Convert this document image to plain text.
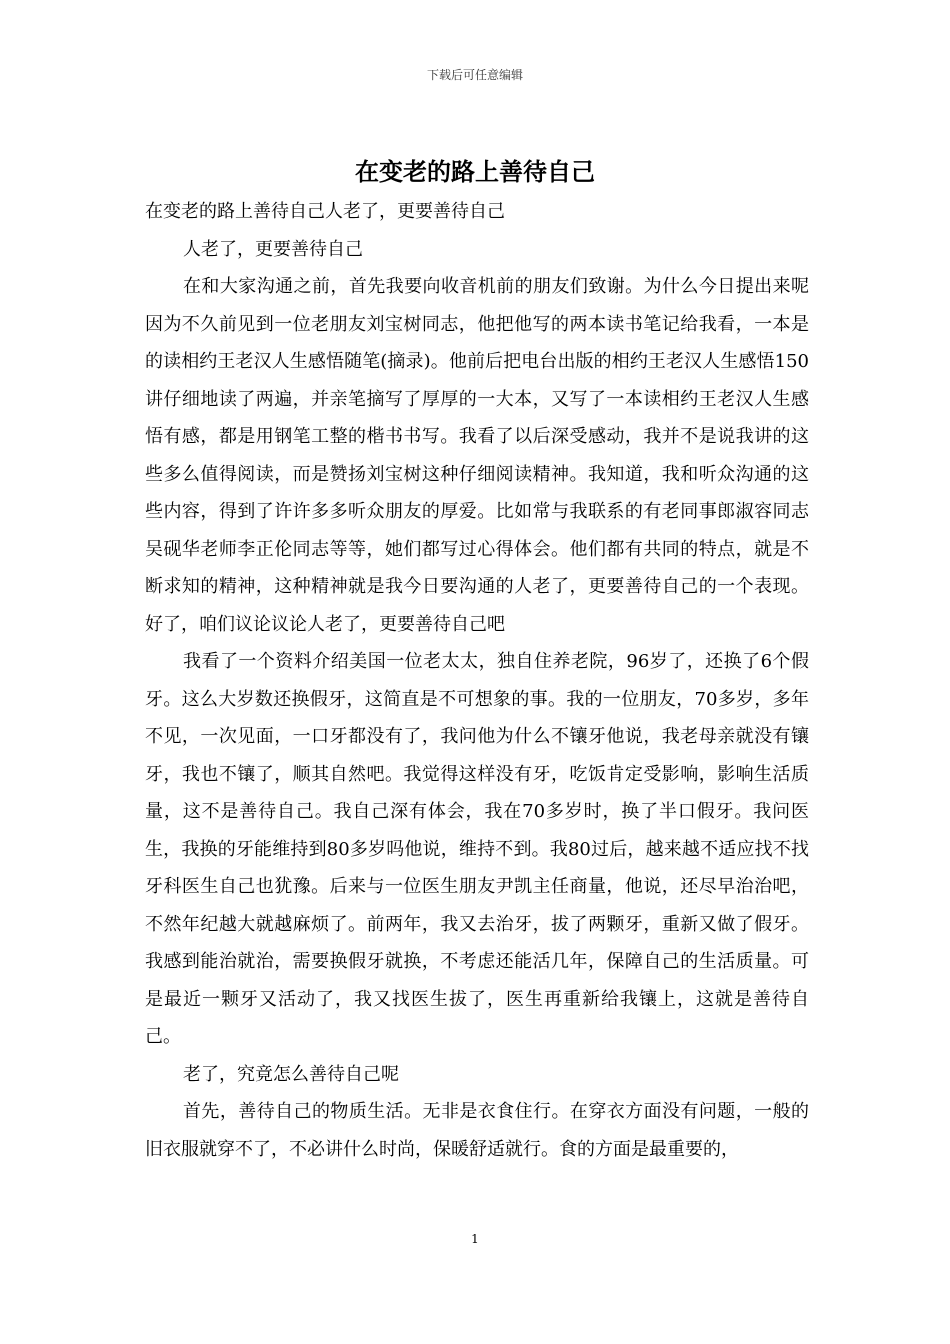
下载后可任意编辑
在变老的路上善待自己

在变老的路上善待自己人老了，更要善待自己

人老了，更要善待自己

在和大家沟通之前，首先我要向收音机前的朋友们致谢。为什么今日提出来呢因为不久前见到一位老朋友刘宝树同志，他把他写的两本读书笔记给我看，一本是的读相约王老汉人生感悟随笔(摘录)。他前后把电台出版的相约王老汉人生感悟150讲仔细地读了两遍，并亲笔摘写了厚厚的一大本，又写了一本读相约王老汉人生感悟有感，都是用钢笔工整的楷书书写。我看了以后深受感动，我并不是说我讲的这些多么值得阅读，而是赞扬刘宝树这种仔细阅读精神。我知道，我和听众沟通的这些内容，得到了许许多多听众朋友的厚爱。比如常与我联系的有老同事郎淑容同志吴砚华老师李正伦同志等等，她们都写过心得体会。他们都有共同的特点，就是不断求知的精神，这种精神就是我今日要沟通的人老了，更要善待自己的一个表现。好了，咱们议论议论人老了，更要善待自己吧

我看了一个资料介绍美国一位老太太，独自住养老院，96岁了，还换了6个假牙。这么大岁数还换假牙，这简直是不可想象的事。我的一位朋友，70多岁，多年不见，一次见面，一口牙都没有了，我问他为什么不镶牙他说，我老母亲就没有镶牙，我也不镶了，顺其自然吧。我觉得这样没有牙，吃饭肯定受影响，影响生活质量，这不是善待自己。我自己深有体会，我在70多岁时，换了半口假牙。我问医生，我换的牙能维持到80多岁吗他说，维持不到。我80过后，越来越不适应找不找牙科医生自己也犹豫。后来与一位医生朋友尹凯主任商量，他说，还尽早治治吧，不然年纪越大就越麻烦了。前两年，我又去治牙，拔了两颗牙，重新又做了假牙。我感到能治就治，需要换假牙就换，不考虑还能活几年，保障自己的生活质量。可是最近一颗牙又活动了，我又找医生拔了，医生再重新给我镶上，这就是善待自己。

老了，究竟怎么善待自己呢

首先，善待自己的物质生活。无非是衣食住行。在穿衣方面没有问题，一般的旧衣服就穿不了，不必讲什么时尚，保暖舒适就行。食的方面是最重要的，

1
